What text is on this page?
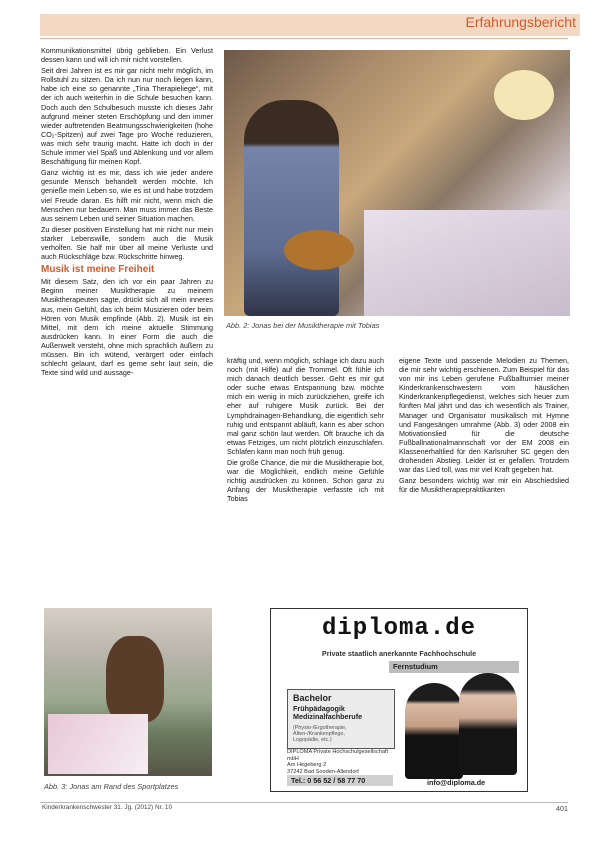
Erfahrungsbericht

Kommunikationsmittel übrig geblieben. Ein Verlust dessen kann und will ich mir nicht vorstellen.

Seit drei Jahren ist es mir gar nicht mehr möglich, im Rollstuhl zu sitzen. Da ich nun nur noch liegen kann, habe ich eine so genannte „Tina Therapieliege“, mit der ich auch weiterhin in die Schule besuchen kann. Doch auch den Schulbesuch musste ich dieses Jahr aufgrund meiner steten Erschöpfung und den immer wieder auftretenden Beatmungsschwierigkeiten (hohe CO₂-Spitzen) auf zwei Tage pro Woche reduzieren, was mich sehr traurig macht. Hatte ich doch in der Schule immer viel Spaß und Ablenkung und vor allem Beschäftigung für meinen Kopf.

Ganz wichtig ist es mir, dass ich wie jeder andere gesunde Mensch behandelt werden möchte. Ich genieße mein Leben so, wie es ist und habe trotzdem viel Freude daran. Es hilft mir nicht, wenn mich die Menschen nur bedauern. Man muss immer das Beste aus seinem Leben und seiner Situation machen.

Zu dieser positiven Einstellung hat mir nicht nur mein starker Lebenswille, sondern auch die Musik verholfen. Sie half mir über all meine Verluste und auch Rückschläge bzw. Rückschritte hinweg.

Musik ist meine Freiheit

Mit diesem Satz, den ich vor ein paar Jahren zu Beginn meiner Musiktherapie zu meinem Musiktherapeuten sagte, drückt sich all mein inneres aus, mein Gefühl, das ich beim Musizieren oder beim Hören von Musik empfinde (Abb. 2). Musik ist ein Mittel, mit dem ich meine aktuelle Stimmung ausdrücken kann. In einer Form die auch die Außenwelt versteht, ohne mich sprachlich äußern zu müssen. Bin ich wütend, verärgert oder einfach schlecht gelaunt, darf es gerne sehr laut sein, die Texte sind wild und aussage-

Abb. 2: Jonas bei der Musiktherapie mit Tobias

kräftig und, wenn möglich, schlage ich dazu auch noch (mit Hilfe) auf die Trommel. Oft fühle ich mich danach deutlich besser. Geht es mir gut oder suche etwas Entspannung bzw. möchte mich ein wenig in mich zurückziehen, greife ich eher auf ruhigere Musik zurück. Bei der Lymphdrainagen-Behandlung, die eigentlich sehr ruhig und entspannt abläuft, kann es aber schon mal ganz schön laut werden. Oft brauche ich da etwas Fetziges, um nicht plötzlich einzuschlafen. Schlafen kann man noch früh genug.

Die große Chance, die mir die Musiktherapie bot, war die Möglichkeit, endlich meine Gefühle richtig ausdrücken zu können. Schon ganz zu Anfang der Musiktherapie verfasste ich mit Tobias

eigene Texte und passende Melodien zu Themen, die mir sehr wichtig erschienen. Zum Beispiel für das von mir ins Leben gerufene Fußballturnier meiner Kinderkrankenschwestern vom häuslichen Kinderkrankenpflegedienst, welches sich heuer zum fünften Mal jährt und das ich wesentlich als Trainer, Manager und Organisator musikalisch mit Hymne und Fangesängen umrahme (Abb. 3) oder 2008 ein Motivationslied für die deutsche Fußballnationalmannschaft vor der EM 2008 ein Klassenerhaltlied für den Karlsruher SC gegen den drohenden Abstieg. Leider ist er gefallen. Trotzdem war das Lied toll, was mir viel Kraft gegeben hat.

Ganz besonders wichtig war mir ein Abschiedslied für die Musiktherapiepraktikanten

Abb. 3: Jonas am Rand des Sportplatzes
diploma.de
Private staatlich anerkannte Fachhochschule
Fernstudium
Bachelor
Frühpädagogik
Medizinalfachberufe
(Physio-/Ergotherapie,
Alten-/Krankenpflege,
Logopädie, etc.)
DIPLOMA Private Hochschulgesellschaft mbH
Am Hegeberg 2
37242 Bad Sooden-Allendorf
Tel.: 0 56 52 / 58 77 70	info@diploma.de
Kinderkrankenschwester 31. Jg. (2012) Nr. 10	401
